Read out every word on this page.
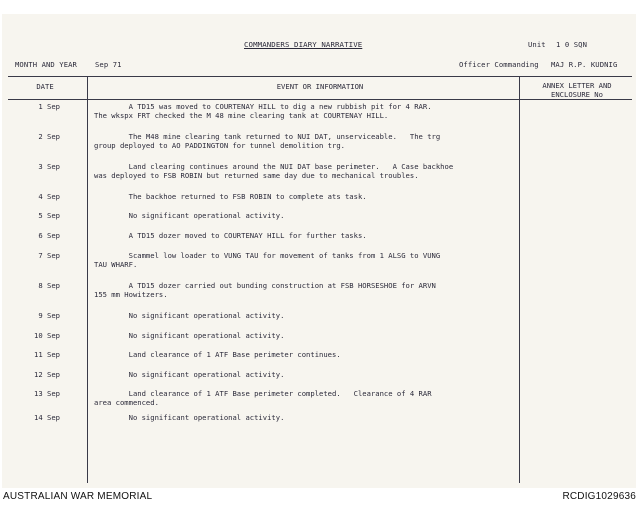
COMMANDERS DIARY NARRATIVE	Unit 1 0 SQN
MONTH AND YEAR	Sep 71	Officer Commanding MAJ R.P. KUDNIG
DATE	EVENT OR INFORMATION	ANNEX LETTER AND
ENCLOSURE No
1 Sep	A TD15 was moved to COURTENAY HILL to dig a new rubbish pit for 4 RAR.
The wkspx FRT checked the M 48 mine clearing tank at COURTENAY HILL.
2 Sep	The M48 mine clearing tank returned to NUI DAT, unserviceable.   The trg
group deployed to AO PADDINGTON for tunnel demolition trg.
3 Sep	Land clearing continues around the NUI DAT base perimeter.   A Case backhoe
was deployed to FSB ROBIN but returned same day due to mechanical troubles.
4 Sep	The backhoe returned to FSB ROBIN to complete ats task.
5 Sep	No significant operational activity.
6 Sep	A TD15 dozer moved to COURTENAY HILL for further tasks.
7 Sep	Scammel low loader to VUNG TAU for movement of tanks from 1 ALSG to VUNG
TAU WHARF.
8 Sep	A TD15 dozer carried out bunding construction at FSB HORSESHOE for ARVN
155 mm Howitzers.
9 Sep	No significant operational activity.
10 Sep	No significant operational activity.
11 Sep	Land clearance of 1 ATF Base perimeter continues.
12 Sep	No significant operational activity.
13 Sep	Land clearance of 1 ATF Base perimeter completed.   Clearance of 4 RAR
area commenced.
14 Sep	No significant operational activity.
AUSTRALIAN WAR MEMORIAL	RCDIG1029636
